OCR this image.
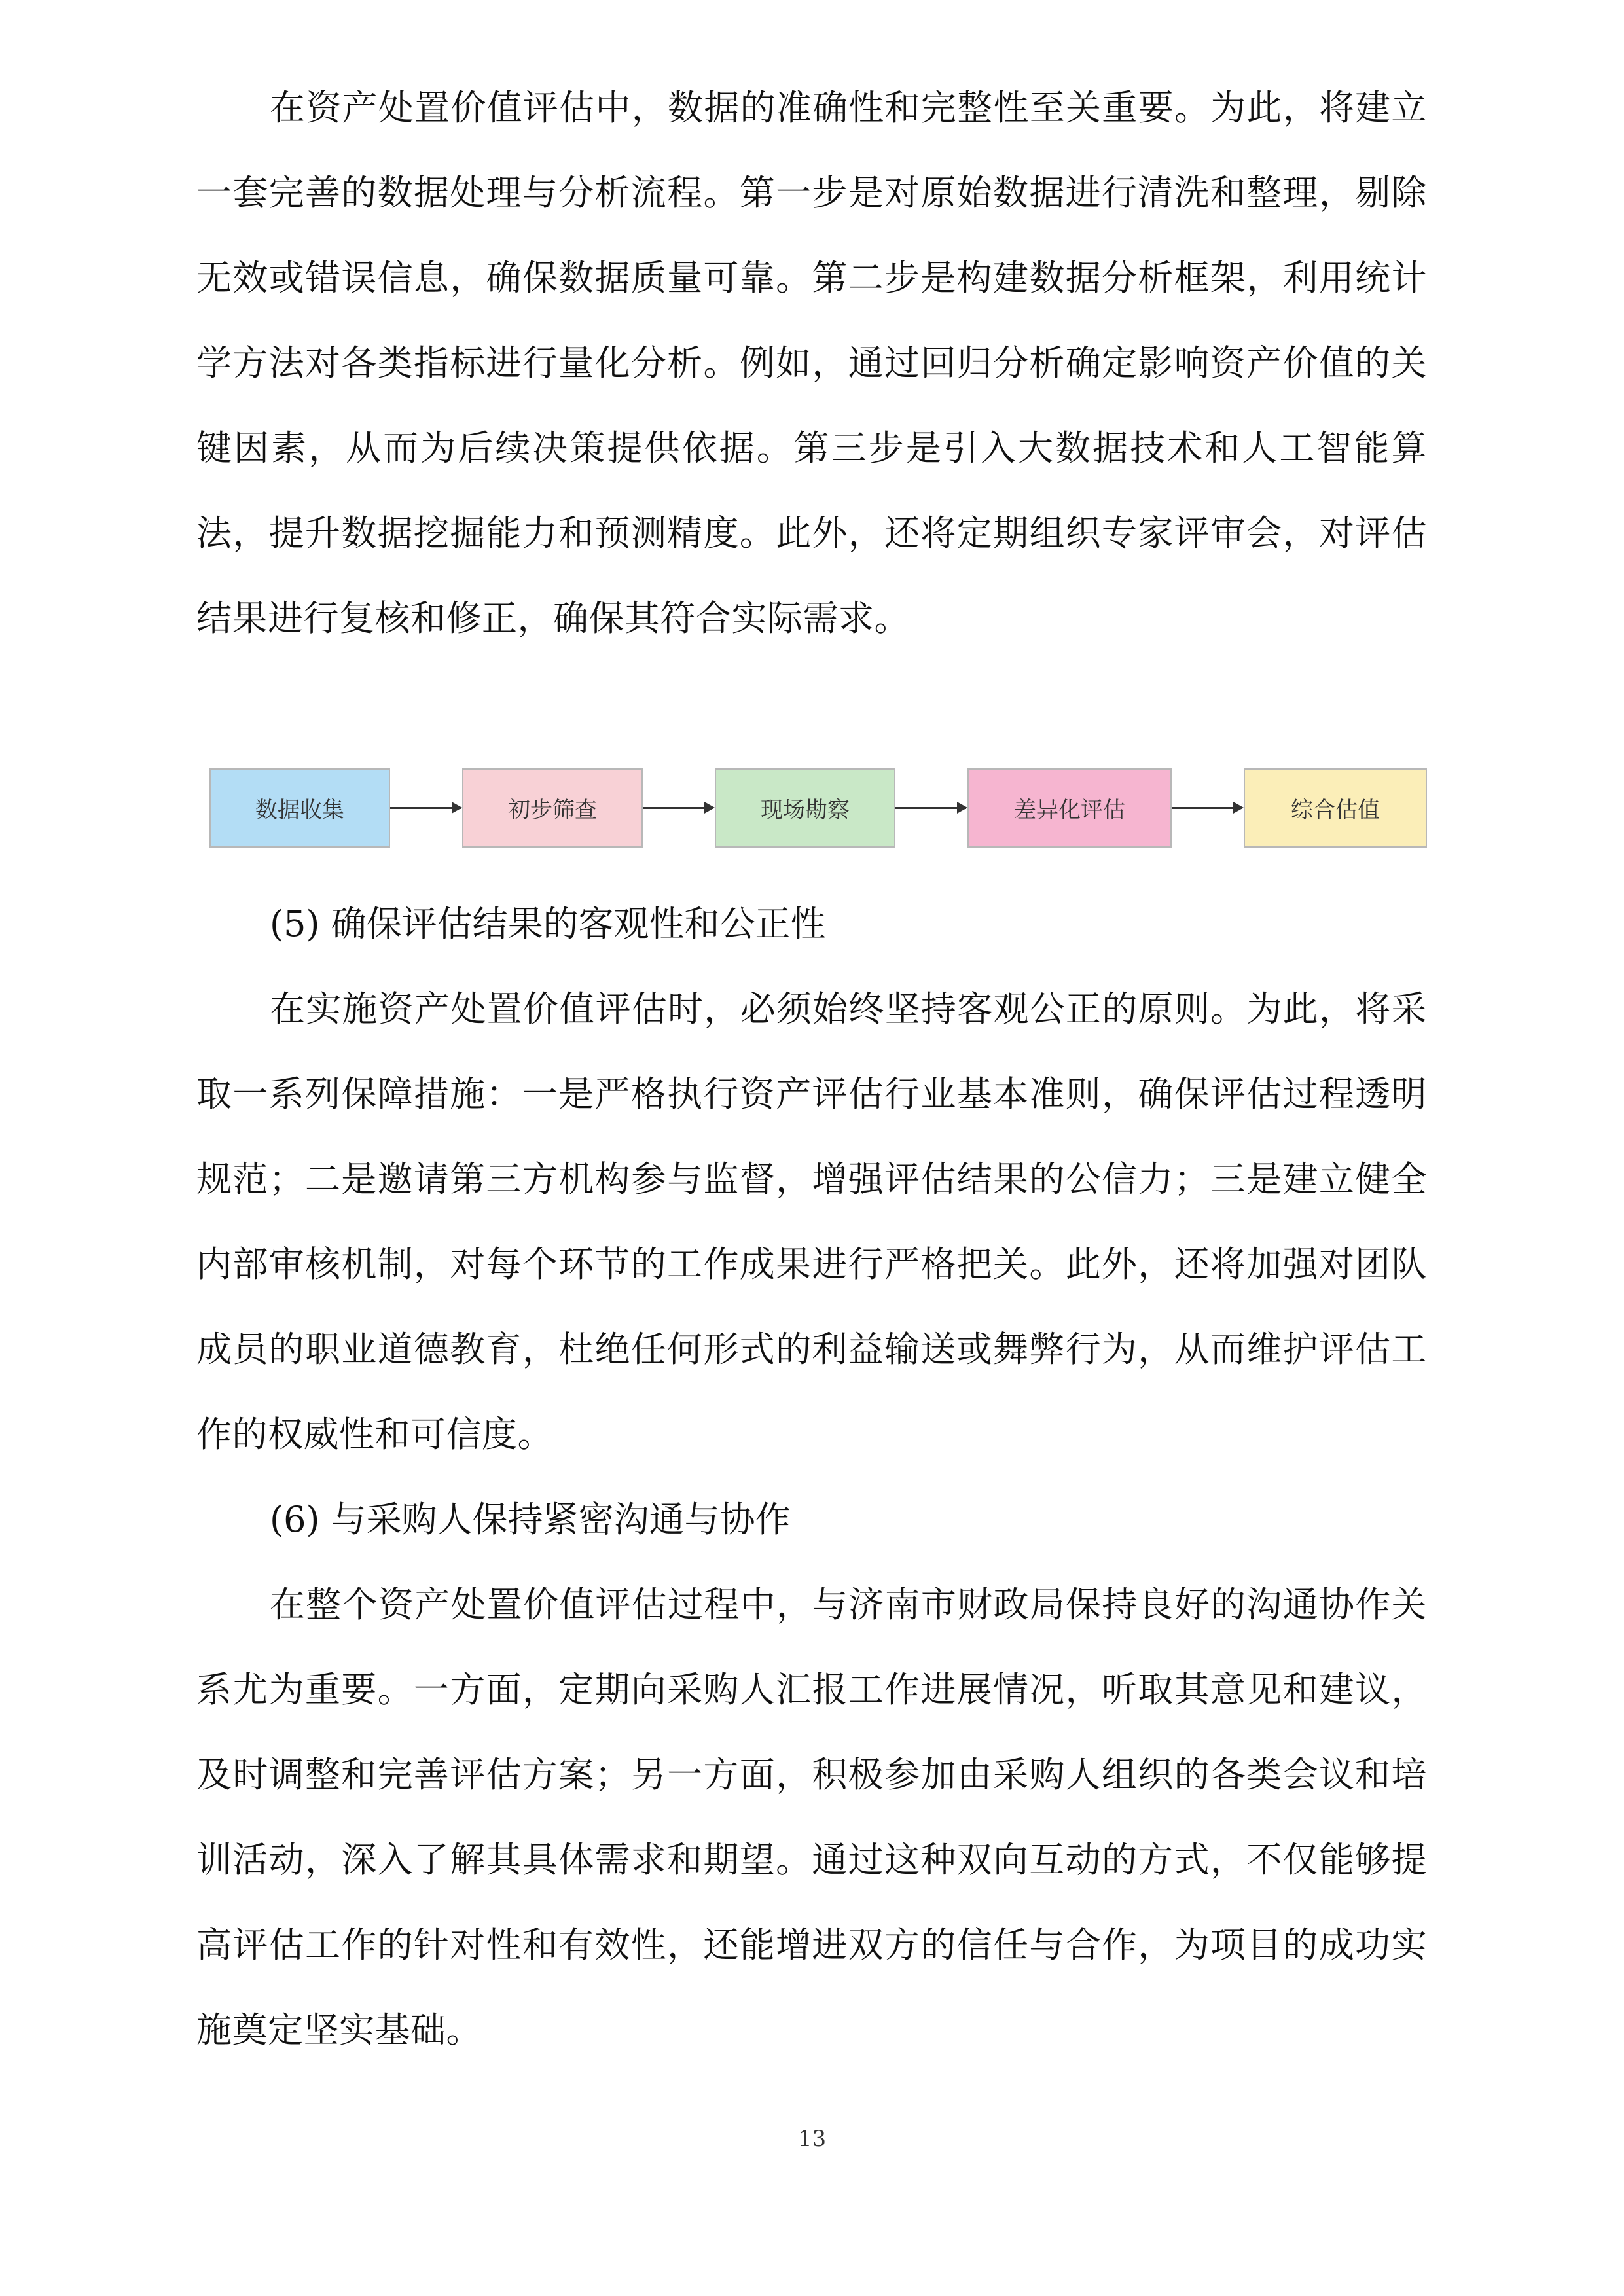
在资产处置价值评估中，数据的准确性和完整性至关重要。为此，将建立一套完善的数据处理与分析流程。第一步是对原始数据进行清洗和整理，剔除无效或错误信息，确保数据质量可靠。第二步是构建数据分析框架，利用统计学方法对各类指标进行量化分析。例如，通过回归分析确定影响资产价值的关键因素，从而为后续决策提供依据。第三步是引入大数据技术和人工智能算法，提升数据挖掘能力和预测精度。此外，还将定期组织专家评审会，对评估结果进行复核和修正，确保其符合实际需求。

数据收集	初步筛查	现场勘察	差异化评估	综合估值

(5) 确保评估结果的客观性和公正性

在实施资产处置价值评估时，必须始终坚持客观公正的原则。为此，将采取一系列保障措施：一是严格执行资产评估行业基本准则，确保评估过程透明规范；二是邀请第三方机构参与监督，增强评估结果的公信力；三是建立健全内部审核机制，对每个环节的工作成果进行严格把关。此外，还将加强对团队成员的职业道德教育，杜绝任何形式的利益输送或舞弊行为，从而维护评估工作的权威性和可信度。

(6) 与采购人保持紧密沟通与协作

在整个资产处置价值评估过程中，与济南市财政局保持良好的沟通协作关系尤为重要。一方面，定期向采购人汇报工作进展情况，听取其意见和建议，及时调整和完善评估方案；另一方面，积极参加由采购人组织的各类会议和培训活动，深入了解其具体需求和期望。通过这种双向互动的方式，不仅能够提高评估工作的针对性和有效性，还能增进双方的信任与合作，为项目的成功实施奠定坚实基础。

13
